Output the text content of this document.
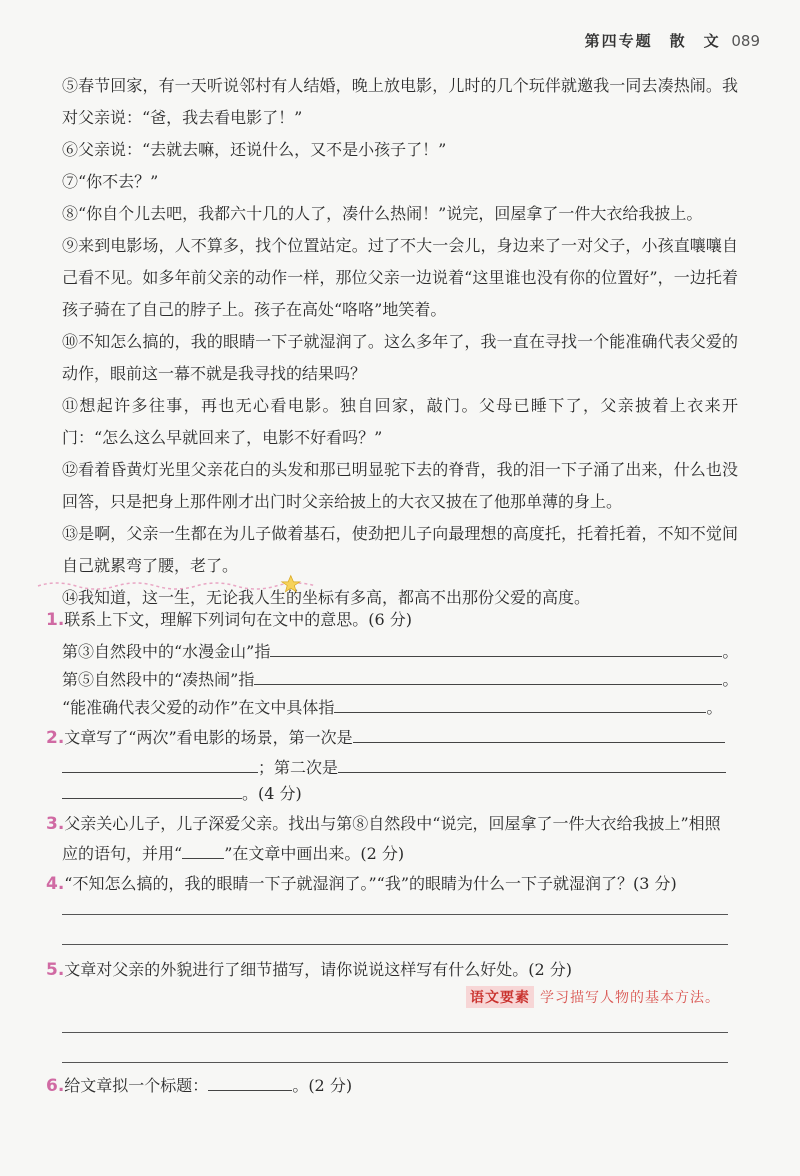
第四专题　散　文 089
⑤春节回家，有一天听说邻村有人结婚，晚上放电影，儿时的几个玩伴就邀我一同去凑热闹。我对父亲说：“爸，我去看电影了！”
⑥父亲说：“去就去嘛，还说什么，又不是小孩子了！”
⑦“你不去？”
⑧“你自个儿去吧，我都六十几的人了，凑什么热闹！”说完，回屋拿了一件大衣给我披上。
⑨来到电影场，人不算多，找个位置站定。过了不大一会儿，身边来了一对父子，小孩直嚷嚷自己看不见。如多年前父亲的动作一样，那位父亲一边说着“这里谁也没有你的位置好”，一边托着孩子骑在了自己的脖子上。孩子在高处“咯咯”地笑着。
⑩不知怎么搞的，我的眼睛一下子就湿润了。这么多年了，我一直在寻找一个能准确代表父爱的动作，眼前这一幕不就是我寻找的结果吗？
⑪想起许多往事，再也无心看电影。独自回家，敲门。父母已睡下了，父亲披着上衣来开门：“怎么这么早就回来了，电影不好看吗？”
⑫看着昏黄灯光里父亲花白的头发和那已明显驼下去的脊背，我的泪一下子涌了出来，什么也没回答，只是把身上那件刚才出门时父亲给披上的大衣又披在了他那单薄的身上。
⑬是啊，父亲一生都在为儿子做着基石，使劲把儿子向最理想的高度托，托着托着，不知不觉间自己就累弯了腰，老了。
⑭我知道，这一生，无论我人生的坐标有多高，都高不出那份父爱的高度。
1.联系上下文，理解下列词句在文中的意思。(6 分)
第③自然段中的“水漫金山”指	。
第⑤自然段中的“凑热闹”指	。
“能准确代表父爱的动作”在文中具体指	。
2.文章写了“两次”看电影的场景，第一次是
；第二次是
。(4 分)
3.父亲关心儿子，儿子深爱父亲。找出与第⑧自然段中“说完，回屋拿了一件大衣给我披上”相照
应的语句，并用“	”在文章中画出来。(2 分)
4.“不知怎么搞的，我的眼睛一下子就湿润了。”“我”的眼睛为什么一下子就湿润了？(3 分)
5.文章对父亲的外貌进行了细节描写，请你说说这样写有什么好处。(2 分)
语文要素 学习描写人物的基本方法。
6.给文章拟一个标题：	。(2 分)
